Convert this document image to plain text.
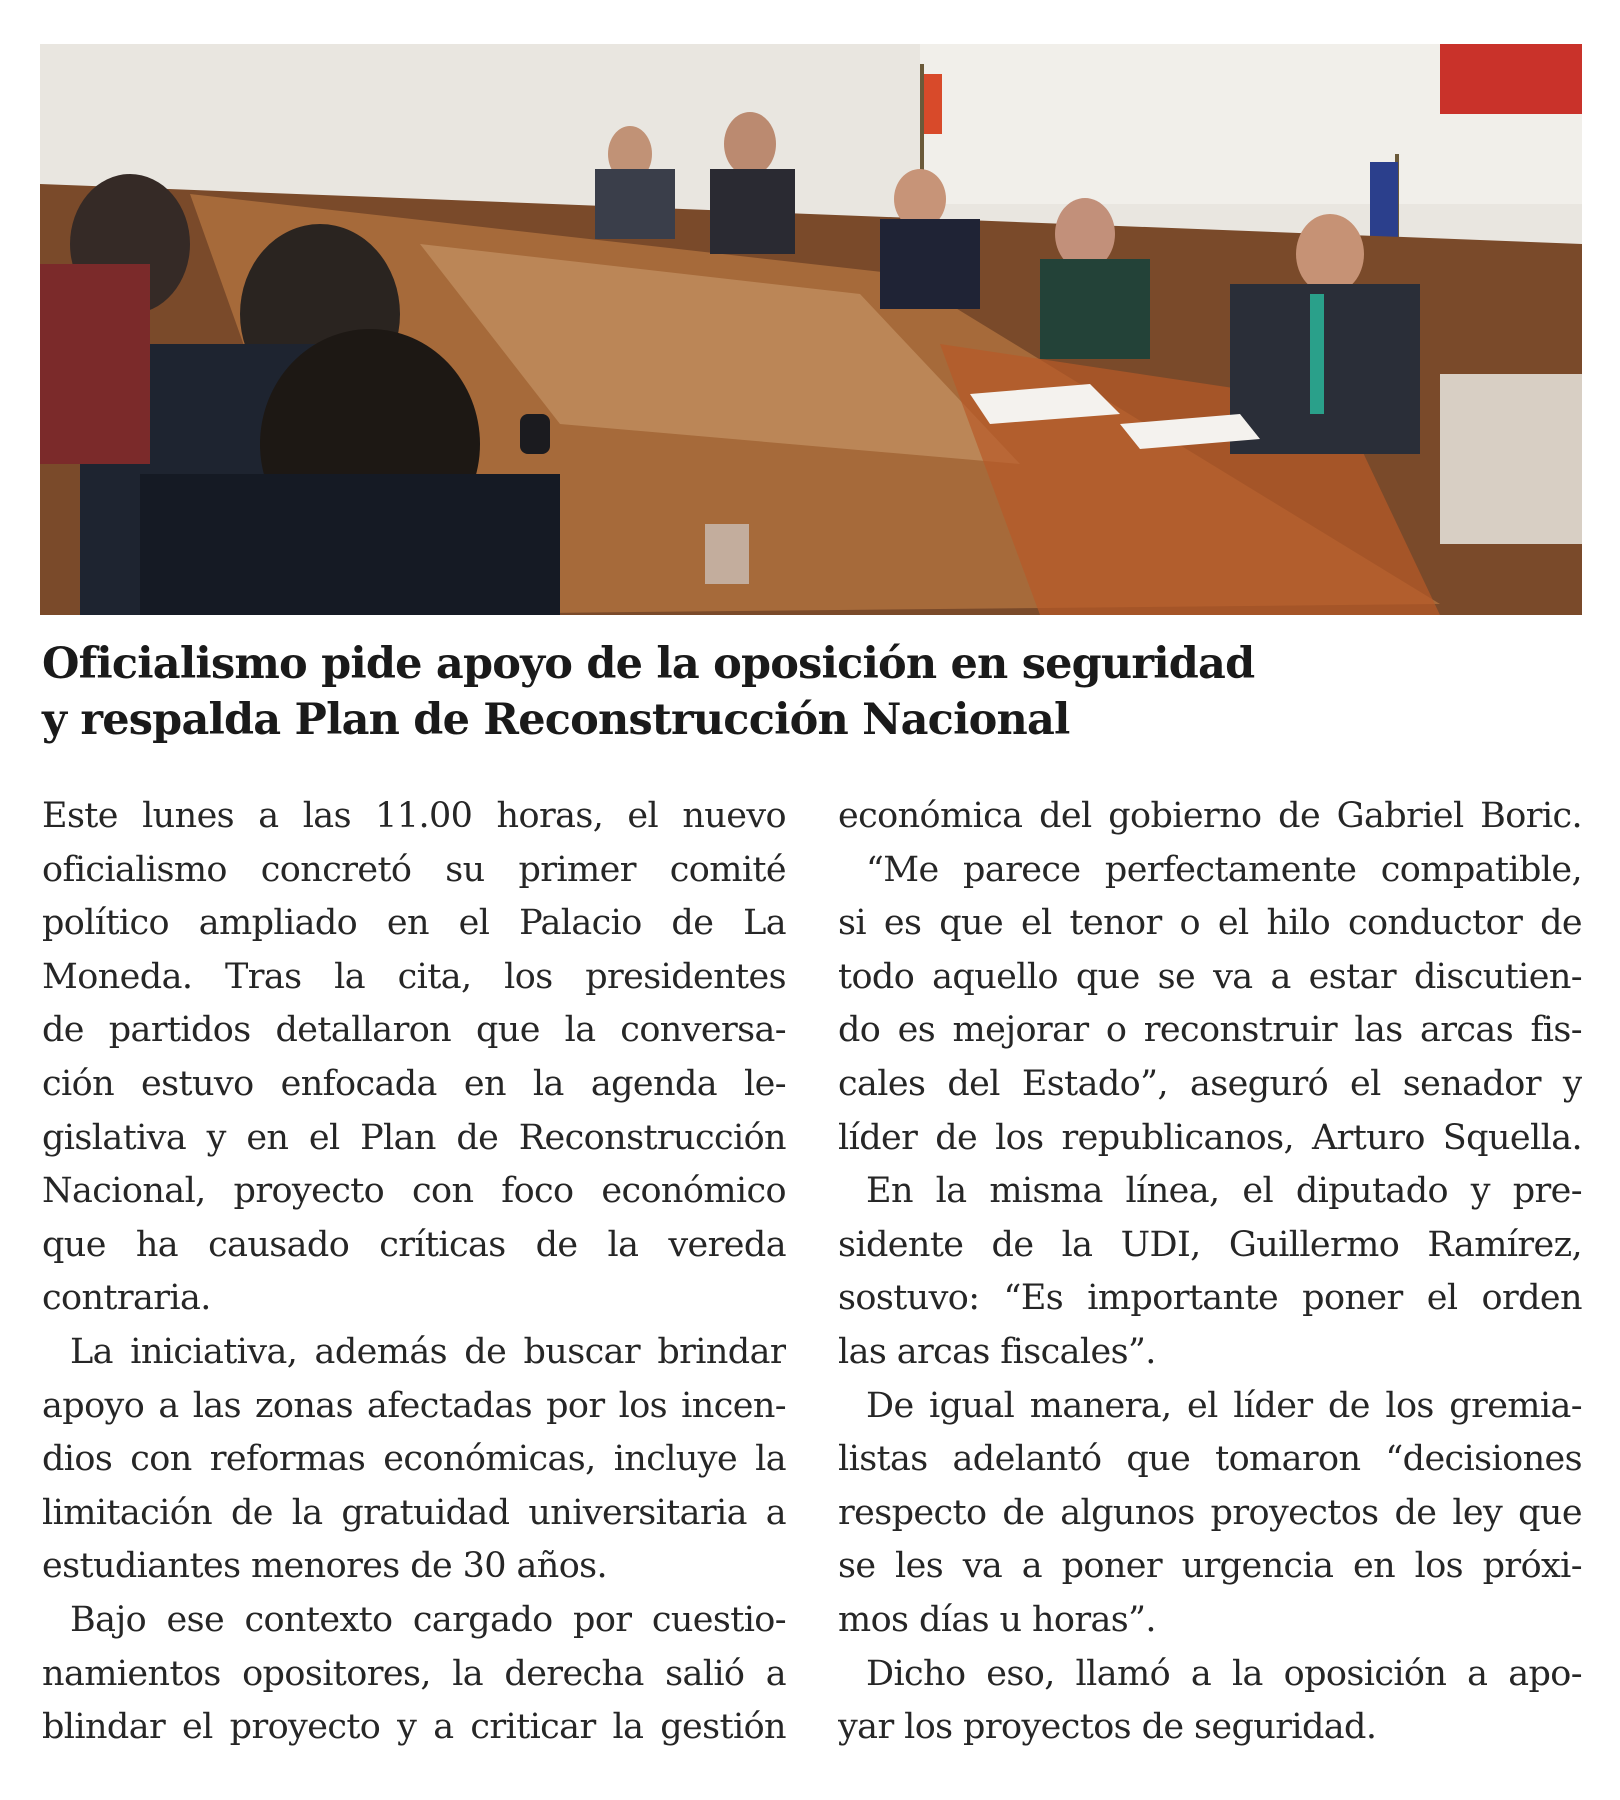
Oficialismo pide apoyo de la oposición en seguridad
y respalda Plan de Reconstrucción Nacional
Este lunes a las 11.00 horas, el nuevo
oficialismo concretó su primer comité
político ampliado en el Palacio de La
Moneda. Tras la cita, los presidentes
de partidos detallaron que la conversa-
ción estuvo enfocada en la agenda le-
gislativa y en el Plan de Reconstrucción
Nacional, proyecto con foco económico
que ha causado críticas de la vereda
contraria.
La iniciativa, además de buscar brindar
apoyo a las zonas afectadas por los incen-
dios con reformas económicas, incluye la
limitación de la gratuidad universitaria a
estudiantes menores de 30 años.
Bajo ese contexto cargado por cuestio-
namientos opositores, la derecha salió a
blindar el proyecto y a criticar la gestión
económica del gobierno de Gabriel Boric.
“Me parece perfectamente compatible,
si es que el tenor o el hilo conductor de
todo aquello que se va a estar discutien-
do es mejorar o reconstruir las arcas fis-
cales del Estado”, aseguró el senador y
líder de los republicanos, Arturo Squella.
En la misma línea, el diputado y pre-
sidente de la UDI, Guillermo Ramírez,
sostuvo: “Es importante poner el orden
las arcas fiscales”.
De igual manera, el líder de los gremia-
listas adelantó que tomaron “decisiones
respecto de algunos proyectos de ley que
se les va a poner urgencia en los próxi-
mos días u horas”.
Dicho eso, llamó a la oposición a apo-
yar los proyectos de seguridad.
